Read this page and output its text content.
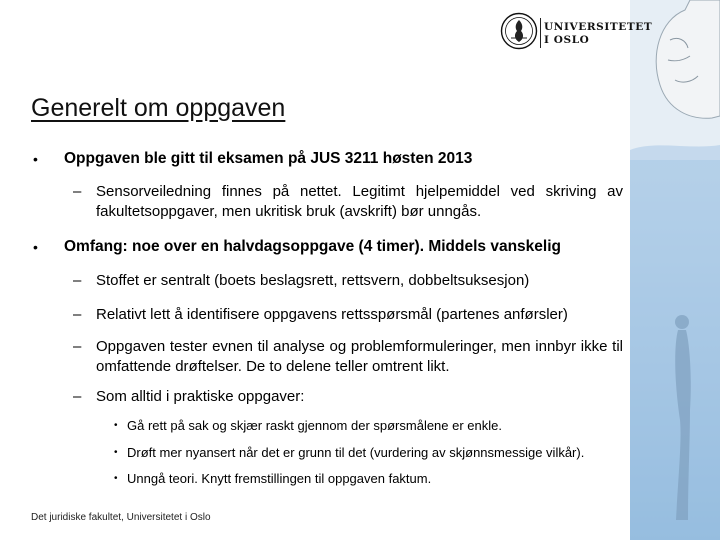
UNIVERSITETET
I OSLO
Generelt om oppgaven
• Oppgaven ble gitt til eksamen på JUS 3211 høsten 2013
– Sensorveiledning finnes på nettet. Legitimt hjelpemiddel ved skriving av fakultetsoppgaver, men ukritisk bruk (avskrift) bør unngås.
• Omfang: noe over en halvdagsoppgave (4 timer). Middels vanskelig
– Stoffet er sentralt (boets beslagsrett, rettsvern, dobbeltsuksesjon)
– Relativt lett å identifisere oppgavens rettsspørsmål (partenes anførsler)
– Oppgaven tester evnen til analyse og problemformuleringer, men innbyr ikke til omfattende drøftelser. De to delene teller omtrent likt.
– Som alltid i praktiske oppgaver:
• Gå rett på sak og skjær raskt gjennom der spørsmålene er enkle.
• Drøft mer nyansert når det er grunn til det (vurdering av skjønnsmessige vilkår).
• Unngå teori. Knytt fremstillingen til oppgaven faktum.
Det juridiske fakultet, Universitetet i Oslo
